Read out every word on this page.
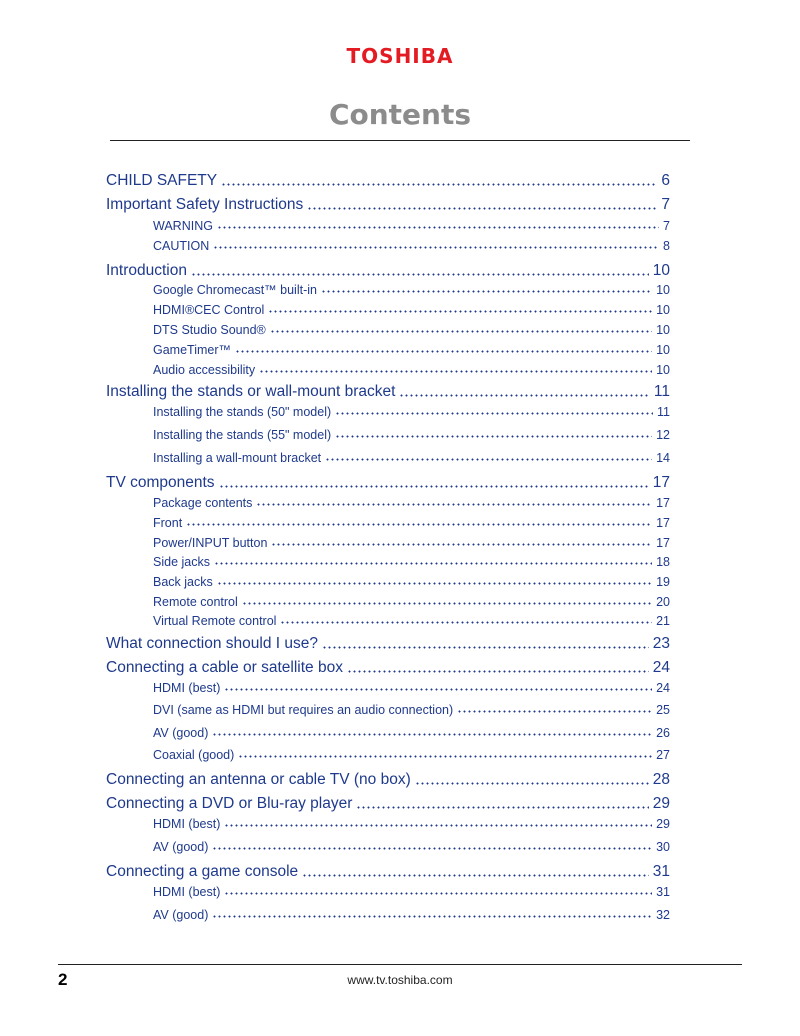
TOSHIBA
Contents
CHILD SAFETY	6
Important Safety Instructions	7
WARNING	7
CAUTION	8
Introduction	10
Google Chromecast™ built-in	10
HDMI®CEC Control	10
DTS Studio Sound®	10
GameTimer™	10
Audio accessibility	10
Installing the stands or wall-mount bracket	11
Installing the stands (50" model)	11
Installing the stands (55" model)	12
Installing a wall-mount bracket	14
TV components	17
Package contents	17
Front	17
Power/INPUT button	17
Side jacks	18
Back jacks	19
Remote control	20
Virtual Remote control	21
What connection should I use?	23
Connecting a cable or satellite box	24
HDMI (best)	24
DVI (same as HDMI but requires an audio connection)	25
AV (good)	26
Coaxial (good)	27
Connecting an antenna or cable TV (no box)	28
Connecting a DVD or Blu-ray player	29
HDMI (best)	29
AV (good)	30
Connecting a game console	31
HDMI (best)	31
AV (good)	32
2	www.tv.toshiba.com
